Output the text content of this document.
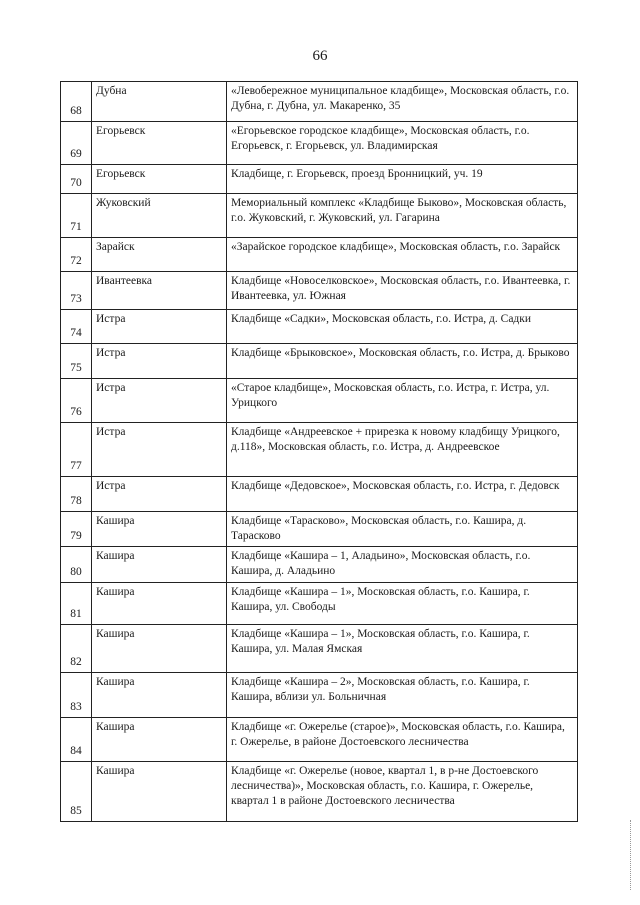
66
68	Дубна	«Левобережное муниципальное кладбище», Московская область, г.о. Дубна, г. Дубна, ул. Макаренко, 35
69	Егорьевск	«Егорьевское городское кладбище», Московская область, г.о. Егорьевск, г. Егорьевск, ул. Владимирская
70	Егорьевск	Кладбище, г. Егорьевск, проезд Бронницкий, уч. 19
71	Жуковский	Мемориальный комплекс «Кладбище Быково», Московская область, г.о. Жуковский, г. Жуковский, ул. Гагарина
72	Зарайск	«Зарайское городское кладбище», Московская область, г.о. Зарайск
73	Ивантеевка	Кладбище «Новоселковское», Московская область, г.о. Ивантеевка, г. Ивантеевка, ул. Южная
74	Истра	Кладбище «Садки», Московская область, г.о. Истра, д. Садки
75	Истра	Кладбище «Брыковское», Московская область, г.о. Истра, д. Брыково
76	Истра	«Старое кладбище», Московская область, г.о. Истра, г. Истра, ул. Урицкого
77	Истра	Кладбище «Андреевское + прирезка к новому кладбищу Урицкого, д.118», Московская область, г.о. Истра, д. Андреевское
78	Истра	Кладбище «Дедовское», Московская область, г.о. Истра, г. Дедовск
79	Кашира	Кладбище «Тарасково», Московская область, г.о. Кашира, д. Тарасково
80	Кашира	Кладбище «Кашира – 1, Аладьино», Московская область, г.о. Кашира, д. Аладьино
81	Кашира	Кладбище «Кашира – 1», Московская область, г.о. Кашира, г. Кашира, ул. Свободы
82	Кашира	Кладбище «Кашира – 1», Московская область, г.о. Кашира, г. Кашира, ул. Малая Ямская
83	Кашира	Кладбище «Кашира – 2», Московская область, г.о. Кашира, г. Кашира, вблизи ул. Больничная
84	Кашира	Кладбище «г. Ожерелье (старое)», Московская область, г.о. Кашира, г. Ожерелье, в районе Достоевского лесничества
85	Кашира	Кладбище «г. Ожерелье (новое, квартал 1, в р-не Достоевского лесничества)», Московская область, г.о. Кашира, г. Ожерелье, квартал 1 в районе Достоевского лесничества
